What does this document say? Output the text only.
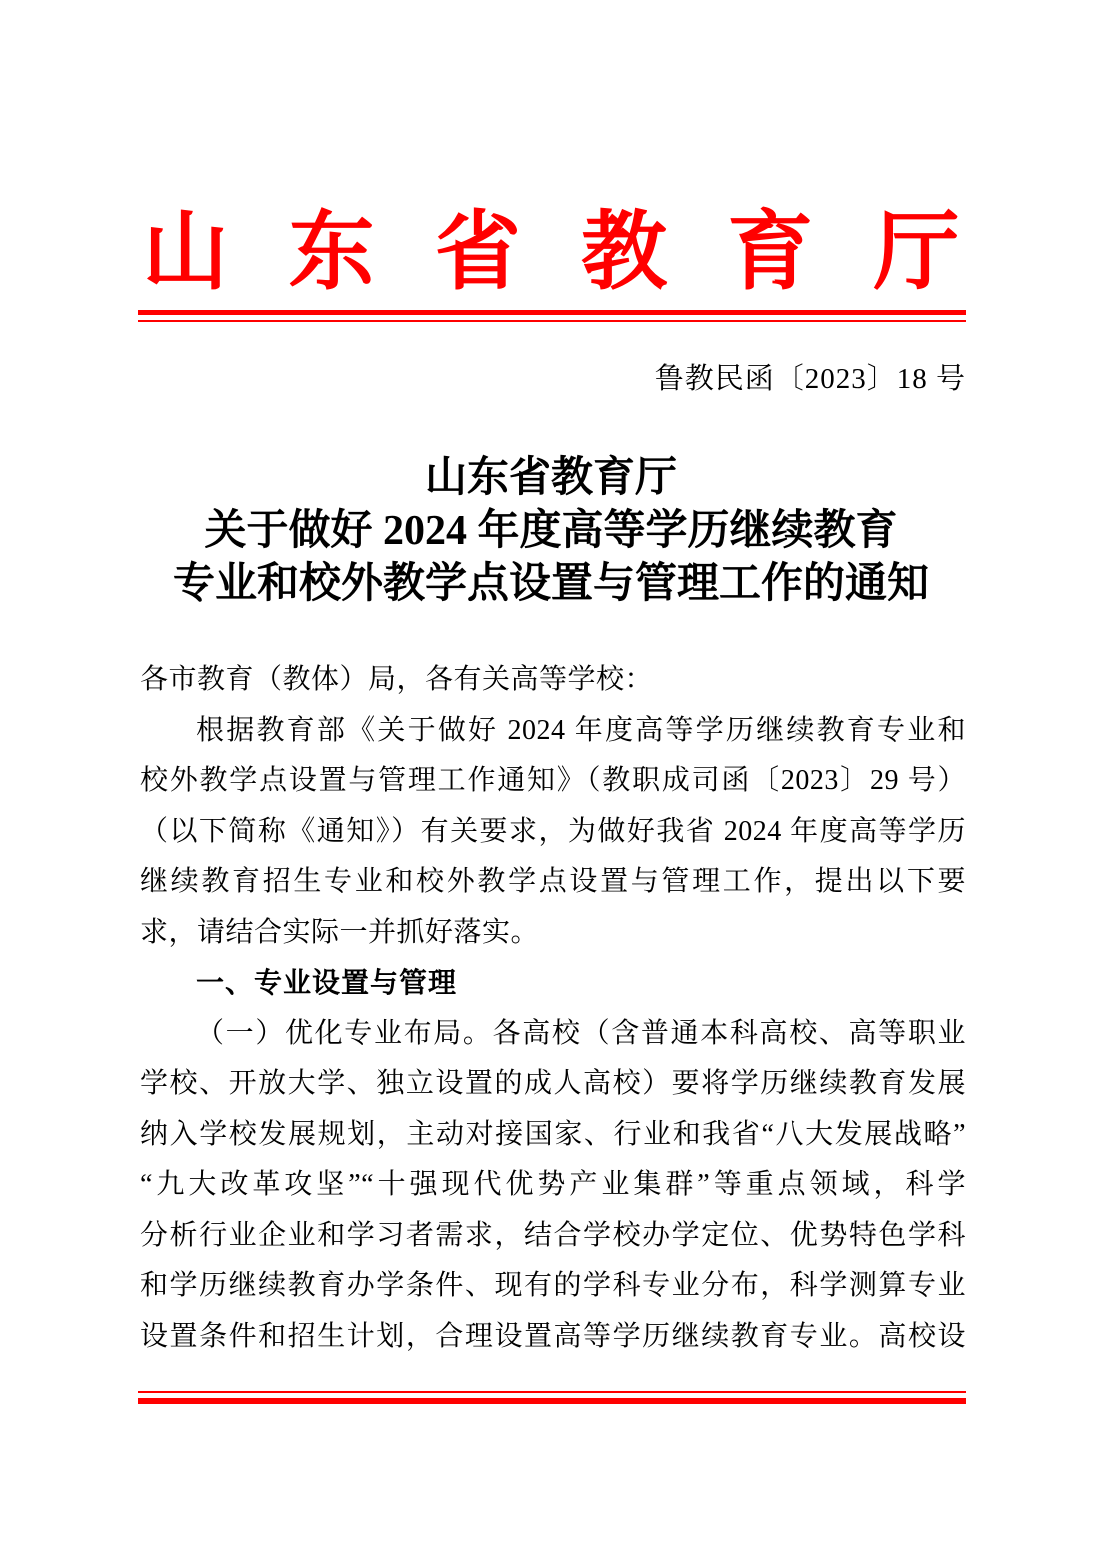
山东省教育厅
鲁教民函〔2023〕18 号
山东省教育厅
关于做好 2024 年度高等学历继续教育
专业和校外教学点设置与管理工作的通知
各市教育（教体）局，各有关高等学校：
根据教育部《关于做好 2024 年度高等学历继续教育专业和
校外教学点设置与管理工作通知》（教职成司函〔2023〕29 号）
（以下简称《通知》）有关要求，为做好我省 2024 年度高等学历
继续教育招生专业和校外教学点设置与管理工作，提出以下要
求，请结合实际一并抓好落实。
一、专业设置与管理
（一）优化专业布局。各高校（含普通本科高校、高等职业
学校、开放大学、独立设置的成人高校）要将学历继续教育发展
纳入学校发展规划，主动对接国家、行业和我省“八大发展战略”
“九大改革攻坚”“十强现代优势产业集群”等重点领域，科学
分析行业企业和学习者需求，结合学校办学定位、优势特色学科
和学历继续教育办学条件、现有的学科专业分布，科学测算专业
设置条件和招生计划，合理设置高等学历继续教育专业。高校设
